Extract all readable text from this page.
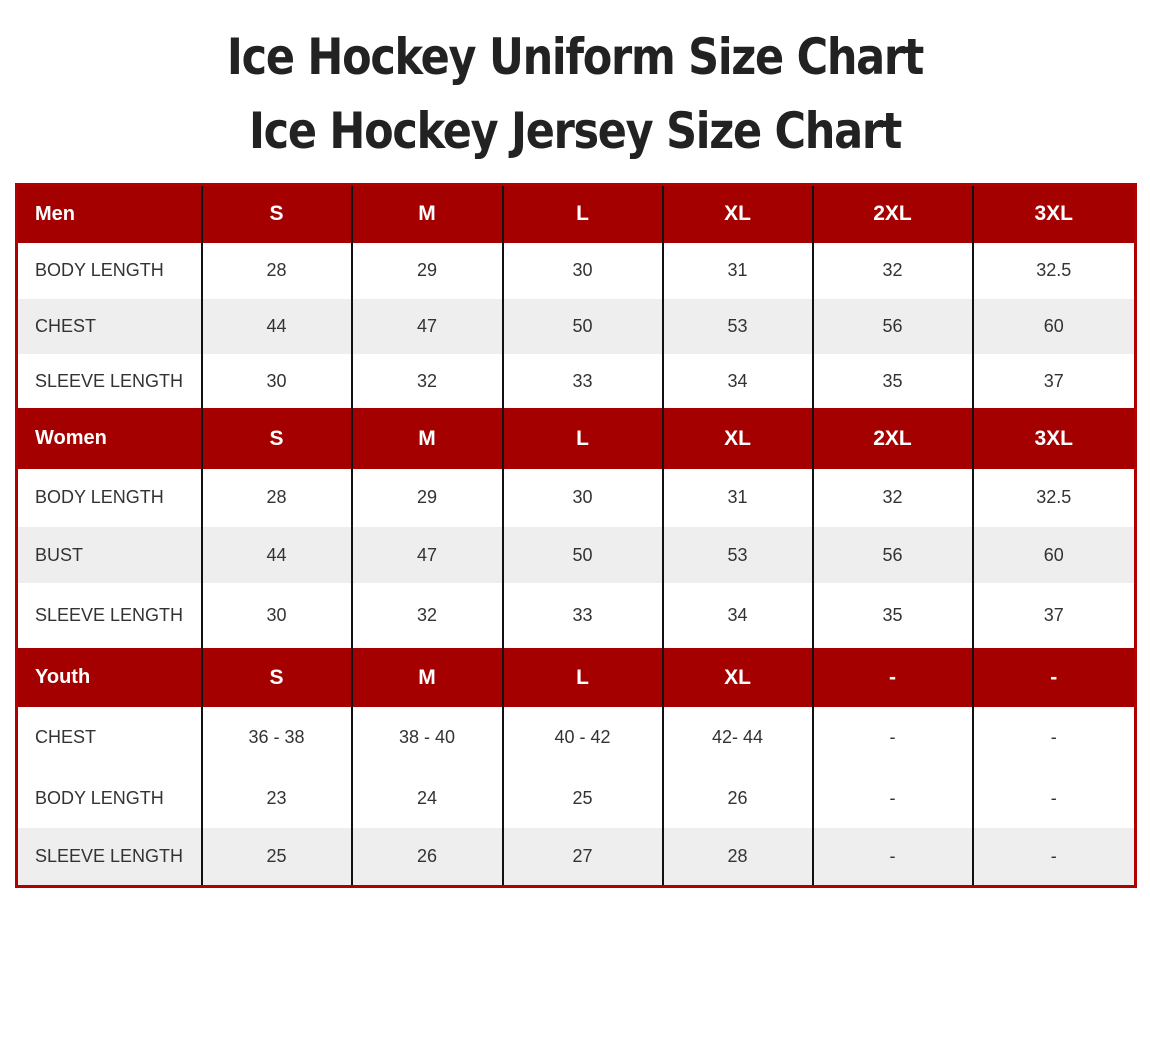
Ice Hockey Uniform Size Chart
Ice Hockey Jersey Size Chart
Men	S	M	L	XL	2XL	3XL
BODY LENGTH	28	29	30	31	32	32.5
CHEST	44	47	50	53	56	60
SLEEVE LENGTH	30	32	33	34	35	37
Women	S	M	L	XL	2XL	3XL
BODY LENGTH	28	29	30	31	32	32.5
BUST	44	47	50	53	56	60
SLEEVE LENGTH	30	32	33	34	35	37
Youth	S	M	L	XL	-	-
CHEST	36 - 38	38 - 40	40 - 42	42- 44	-	-
BODY LENGTH	23	24	25	26	-	-
SLEEVE LENGTH	25	26	27	28	-	-
